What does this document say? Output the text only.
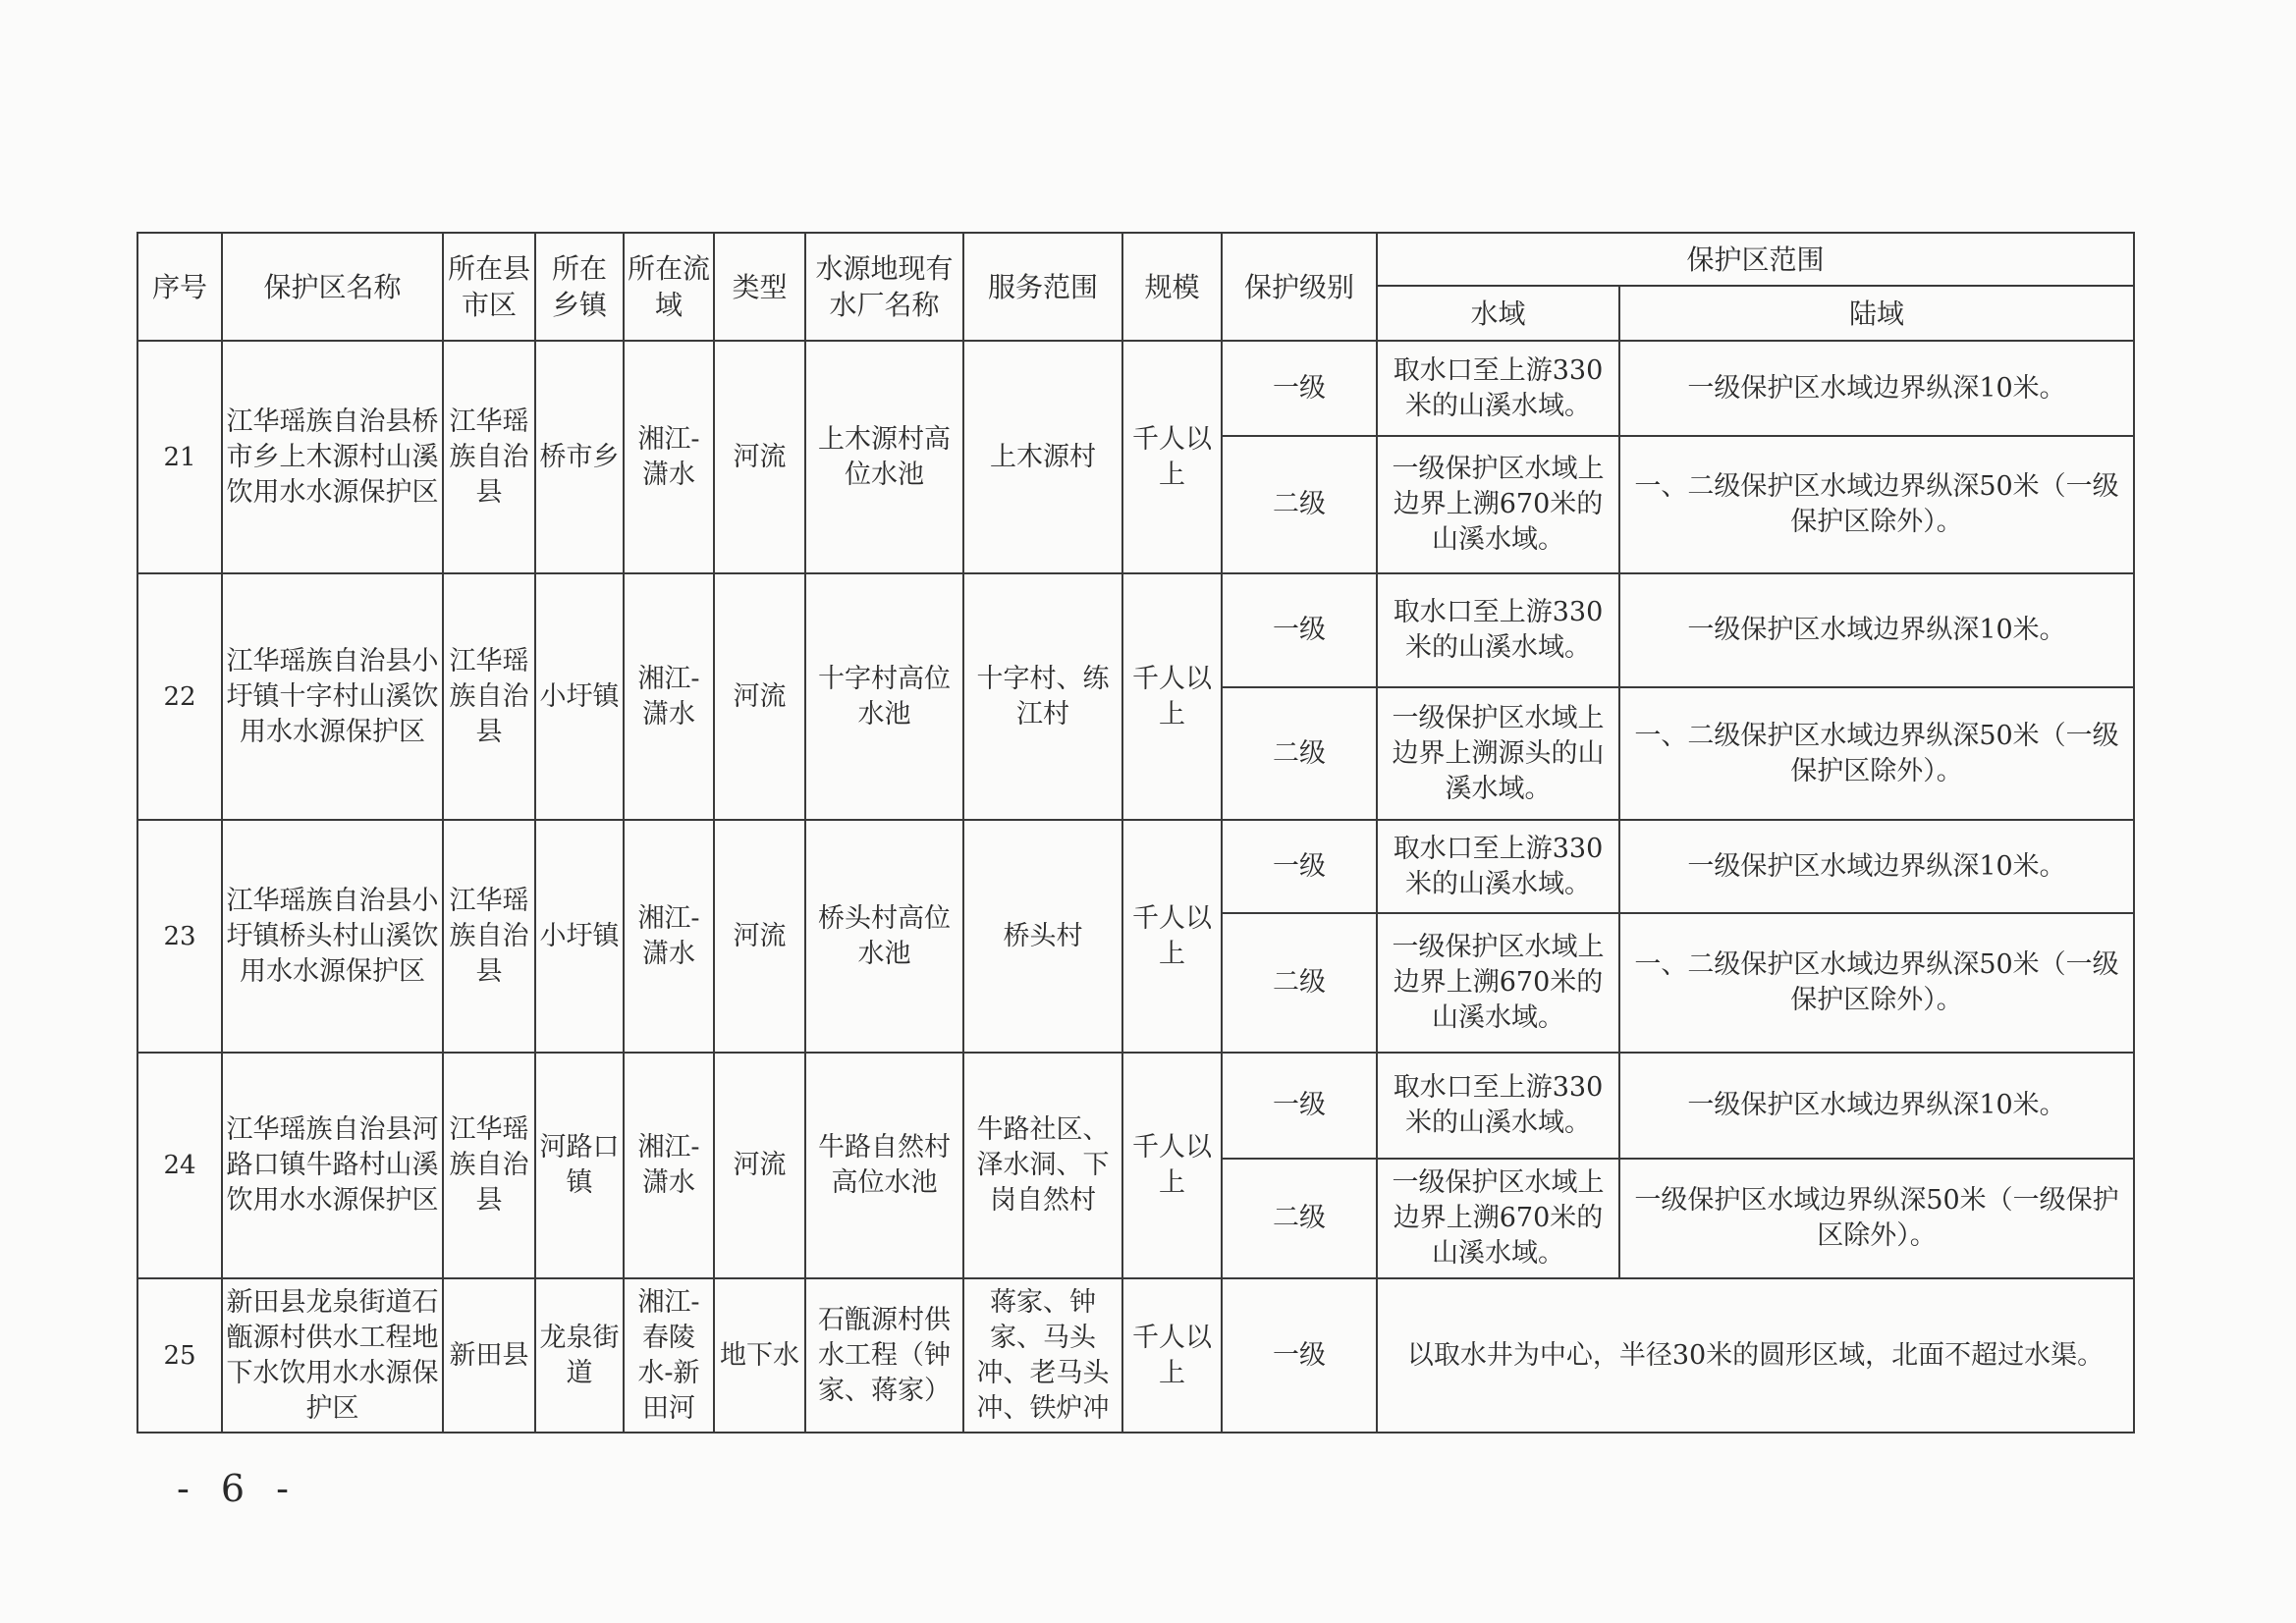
序号	保护区名称	所在县市区	所在乡镇	所在流域	类型	水源地现有水厂名称	服务范围	规模	保护级别	保护区范围	
										水域	陆域
21	江华瑶族自治县桥市乡上木源村山溪饮用水水源保护区	江华瑶族自治县	桥市乡	湘江-潇水	河流	上木源村高位水池	上木源村	千人以上	一级	取水口至上游330米的山溪水域。	一级保护区水域边界纵深10米。
									二级	一级保护区水域上边界上溯670米的山溪水域。	一、二级保护区水域边界纵深50米（一级保护区除外）。
22	江华瑶族自治县小圩镇十字村山溪饮用水水源保护区	江华瑶族自治县	小圩镇	湘江-潇水	河流	十字村高位水池	十字村、练江村	千人以上	一级	取水口至上游330米的山溪水域。	一级保护区水域边界纵深10米。
									二级	一级保护区水域上边界上溯源头的山溪水域。	一、二级保护区水域边界纵深50米（一级保护区除外）。
23	江华瑶族自治县小圩镇桥头村山溪饮用水水源保护区	江华瑶族自治县	小圩镇	湘江-潇水	河流	桥头村高位水池	桥头村	千人以上	一级	取水口至上游330米的山溪水域。	一级保护区水域边界纵深10米。
									二级	一级保护区水域上边界上溯670米的山溪水域。	一、二级保护区水域边界纵深50米（一级保护区除外）。
24	江华瑶族自治县河路口镇牛路村山溪饮用水水源保护区	江华瑶族自治县	河路口镇	湘江-潇水	河流	牛路自然村高位水池	牛路社区、泽水洞、下岗自然村	千人以上	一级	取水口至上游330米的山溪水域。	一级保护区水域边界纵深10米。
									二级	一级保护区水域上边界上溯670米的山溪水域。	一级保护区水域边界纵深50米（一级保护区除外）。
25	新田县龙泉街道石甑源村供水工程地下水饮用水水源保护区	新田县	龙泉街道	湘江-春陵水-新田河	地下水	石甑源村供水工程（钟家、蒋家）	蒋家、钟家、马头冲、老马头冲、铁炉冲	千人以上	一级	以取水井为中心，半径30米的圆形区域，北面不超过水渠。	
- 6 -
